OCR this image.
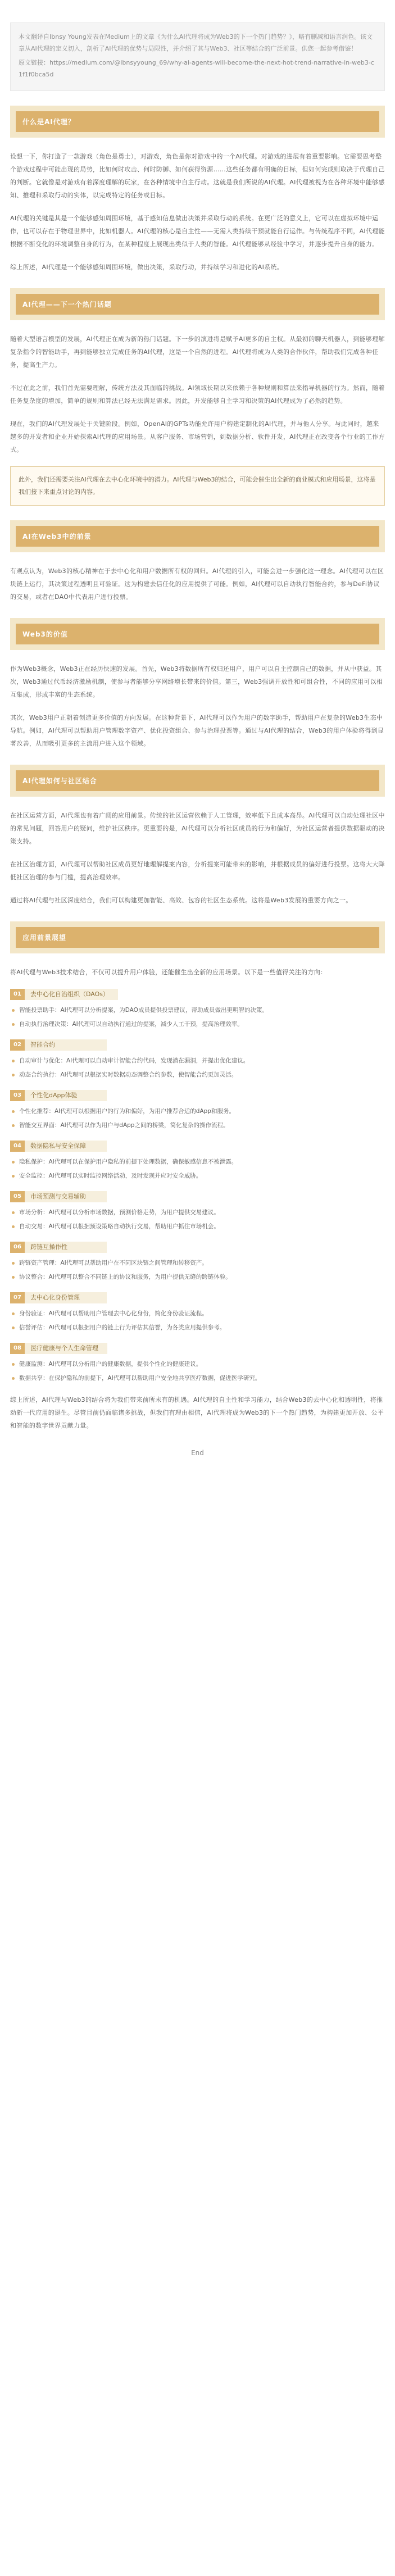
本文翻译自Ibnsy Young发表在Medium上的文章《为什么AI代理将成为Web3的下一个热门趋势？》，略有删减和语言润色。该文章从AI代理的定义切入，剖析了AI代理的优势与局限性，并介绍了其与Web3、社区等结合的广泛前景。供您一起参考借鉴！

原文链接：https://medium.com/@ibnsyyoung_69/why-ai-agents-will-become-the-next-hot-trend-narrative-in-web3-c1f1f0bca5d

什么是AI代理？

设想一下，你打造了一款游戏（角色是勇士），对游戏，角色是你对游戏中的一个AI代理。对游戏的进展有着重要影响。它需要思考整个游戏过程中可能出现的局势，比如何时攻击、何时防御、如何获得资源……这些任务都有明确的目标，但如何完成则取决于代理自己的判断。它就像是对游戏有着深度理解的玩家，在各种情境中自主行动。这就是我们所说的AI代理。AI代理被视为在各种环境中能够感知、推理和采取行动的实体，以完成特定的任务或目标。

AI代理的关键是其是一个能够感知周围环境，基于感知信息做出决策并采取行动的系统。在更广泛的意义上，它可以在虚拟环境中运作，也可以存在于物理世界中，比如机器人。AI代理的核心是自主性——无需人类持续干预就能自行运作。与传统程序不同，AI代理能根据不断变化的环境调整自身的行为，在某种程度上展现出类似于人类的智能。AI代理能够从经验中学习，并逐步提升自身的能力。

综上所述，AI代理是一个能够感知周围环境，做出决策，采取行动，并持续学习和进化的AI系统。

AI代理——下一个热门话题

随着大型语言模型的发展，AI代理正在成为新的热门话题。下一步的演进将是赋予AI更多的自主权。从最初的聊天机器人，到能够理解复杂指令的智能助手，再到能够独立完成任务的AI代理，这是一个自然的进程。AI代理将成为人类的合作伙伴，帮助我们完成各种任务，提高生产力。

不过在此之前，我们首先需要理解，传统方法及其面临的挑战。AI领域长期以来依赖于各种规则和算法来指导机器的行为。然而，随着任务复杂度的增加，简单的规则和算法已经无法满足需求。因此，开发能够自主学习和决策的AI代理成为了必然的趋势。

现在，我们的AI代理发展处于关键阶段。例如，OpenAI的GPTs功能允许用户构建定制化的AI代理，并与他人分享。与此同时，越来越多的开发者和企业开始探索AI代理的应用场景。从客户服务、市场营销，到数据分析、软件开发，AI代理正在改变各个行业的工作方式。

此外，我们还需要关注AI代理在去中心化环境中的潜力。AI代理与Web3的结合，可能会催生出全新的商业模式和应用场景，这将是我们接下来重点讨论的内容。
AI在Web3中的前景

有观点认为，Web3的核心精神在于去中心化和用户数据所有权的回归。AI代理的引入，可能会进一步强化这一理念。AI代理可以在区块链上运行，其决策过程透明且可验证。这为构建去信任化的应用提供了可能。例如，AI代理可以自动执行智能合约，参与DeFi协议的交易，或者在DAO中代表用户进行投票。

Web3的价值

作为Web3概念，Web3正在经历快速的发展。首先，Web3将数据所有权归还用户，用户可以自主控制自己的数据，并从中获益。其次，Web3通过代币经济激励机制，使参与者能够分享网络增长带来的价值。第三，Web3强调开放性和可组合性，不同的应用可以相互集成，形成丰富的生态系统。

其次，Web3用户正朝着创造更多价值的方向发展。在这种背景下，AI代理可以作为用户的数字助手，帮助用户在复杂的Web3生态中导航。例如，AI代理可以帮助用户管理数字资产、优化投资组合、参与治理投票等。通过与AI代理的结合，Web3的用户体验将得到显著改善，从而吸引更多的主流用户进入这个领域。

AI代理如何与社区结合

在社区运营方面，AI代理也有着广阔的应用前景。传统的社区运营依赖于人工管理，效率低下且成本高昂。AI代理可以自动处理社区中的常见问题，回答用户的疑问，维护社区秩序。更重要的是，AI代理可以分析社区成员的行为和偏好，为社区运营者提供数据驱动的决策支持。

在社区治理方面，AI代理可以帮助社区成员更好地理解提案内容，分析提案可能带来的影响，并根据成员的偏好进行投票。这将大大降低社区治理的参与门槛，提高治理效率。

通过将AI代理与社区深度结合，我们可以构建更加智能、高效、包容的社区生态系统。这将是Web3发展的重要方向之一。

应用前景展望

将AI代理与Web3技术结合，不仅可以提升用户体验，还能催生出全新的应用场景。以下是一些值得关注的方向：

01	去中心化自治组织（DAOs）
智能投票助手：AI代理可以分析提案，为DAO成员提供投票建议，帮助成员做出更明智的决策。
自动执行治理决策：AI代理可以自动执行通过的提案，减少人工干预，提高治理效率。
02	智能合约
自动审计与优化：AI代理可以自动审计智能合约代码，发现潜在漏洞，并提出优化建议。
动态合约执行：AI代理可以根据实时数据动态调整合约参数，使智能合约更加灵活。
03	个性化dApp体验
个性化推荐：AI代理可以根据用户的行为和偏好，为用户推荐合适的dApp和服务。
智能交互界面：AI代理可以作为用户与dApp之间的桥梁，简化复杂的操作流程。
04	数据隐私与安全保障
隐私保护：AI代理可以在保护用户隐私的前提下处理数据，确保敏感信息不被泄露。
安全监控：AI代理可以实时监控网络活动，及时发现并应对安全威胁。
05	市场预测与交易辅助
市场分析：AI代理可以分析市场数据，预测价格走势，为用户提供交易建议。
自动交易：AI代理可以根据预设策略自动执行交易，帮助用户抓住市场机会。
06	跨链互操作性
跨链资产管理：AI代理可以帮助用户在不同区块链之间管理和转移资产。
协议整合：AI代理可以整合不同链上的协议和服务，为用户提供无缝的跨链体验。
07	去中心化身份管理
身份验证：AI代理可以帮助用户管理去中心化身份，简化身份验证流程。
信誉评估：AI代理可以根据用户的链上行为评估其信誉，为各类应用提供参考。
08	医疗健康与个人生命管理
健康监测：AI代理可以分析用户的健康数据，提供个性化的健康建议。
数据共享：在保护隐私的前提下，AI代理可以帮助用户安全地共享医疗数据，促进医学研究。

综上所述，AI代理与Web3的结合将为我们带来前所未有的机遇。AI代理的自主性和学习能力，结合Web3的去中心化和透明性，将推动新一代应用的诞生。尽管目前仍面临诸多挑战，但我们有理由相信，AI代理将成为Web3的下一个热门趋势，为构建更加开放、公平和智能的数字世界贡献力量。

End
